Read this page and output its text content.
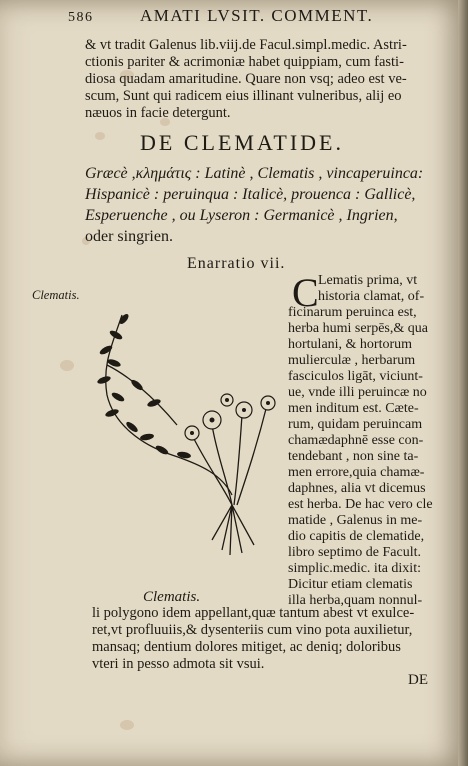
586	AMATI LVSIT. COMMENT.
& vt tradit Galenus lib.viij.de Facul.simpl.medic. Astri-
ctionis pariter & acrimoniæ habet quippiam, cum fasti-
diosa quadam amaritudine. Quare non vsq; adeo est ve-
scum, Sunt qui radicem eius illinant vulneribus, alij eo
næuos in facie detergunt.
DE CLEMATIDE.
Græcè ,κλημάτις : Latinè , Clematis , vincaperuinca:
Hispanicè : peruinqua : Italicè, prouenca : Gallicè,
Esperuenche , ou Lyseron : Germanicè , Ingrien,
oder singrien.
Enarratio vii.
Clematis.	C Lematis prima, vt
historia clamat, of-
ficinarum peruinca est,
herba humi serpēs,& qua
hortulani, & hortorum
mulierculæ , herbarum
fasciculos ligāt, viciunt-
ue, vnde illi peruincæ no
men inditum est. Cæte-
rum, quidam peruincam
chamædaphnē esse con-
tendebant , non sine ta-
men errore,quia chamæ-
daphnes, alia vt dicemus
est herba. De hac vero cle
matide , Galenus in me-
dio capitis de clematide,
libro septimo de Facult.
simplic.medic. ita dixit:
Dicitur etiam clematis
illa herba,quam nonnul-
Clematis.
li polygono idem appellant,quæ tantum abest vt exulce-
ret,vt profluuiis,& dysenteriis cum vino pota auxilietur,
mansaq; dentium dolores mitiget, ac deniq; doloribus
vteri in pesso admota sit vsui.
DE
